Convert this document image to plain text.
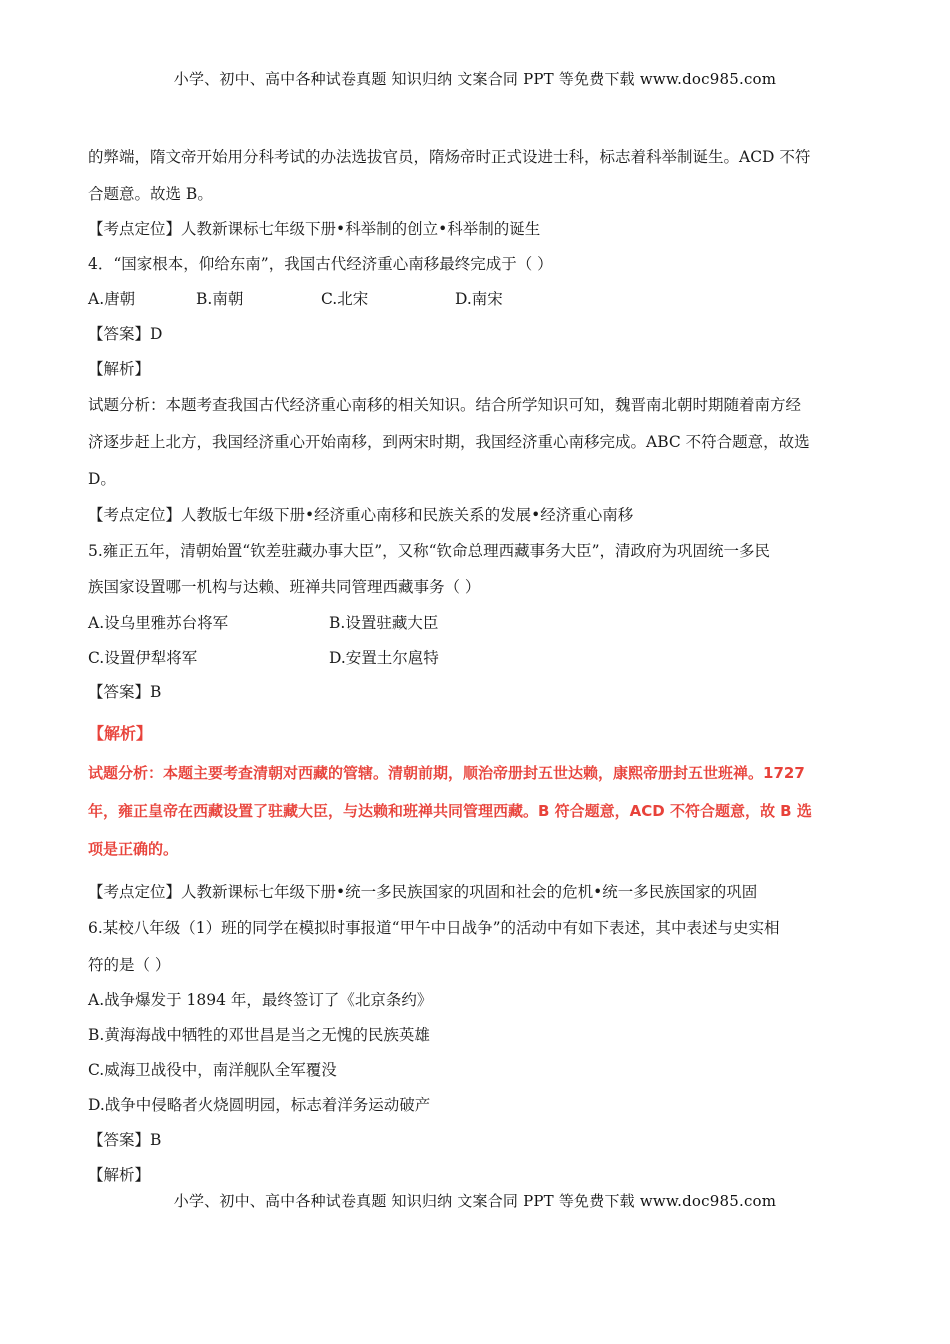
小学、初中、高中各种试卷真题 知识归纳 文案合同 PPT 等免费下载 www.doc985.com
的弊端，隋文帝开始用分科考试的办法选拔官员，隋炀帝时正式设进士科，标志着科举制诞生。ACD 不符
合题意。故选 B。
【考点定位】人教新课标七年级下册•科举制的创立•科举制的诞生
4．“国家根本，仰给东南”，我国古代经济重心南移最终完成于（ ）
A.唐朝	B.南朝	C.北宋	D.南宋
【答案】D
【解析】
试题分析：本题考查我国古代经济重心南移的相关知识。结合所学知识可知，魏晋南北朝时期随着南方经
济逐步赶上北方，我国经济重心开始南移，到两宋时期，我国经济重心南移完成。ABC 不符合题意，故选
D。
【考点定位】人教版七年级下册•经济重心南移和民族关系的发展•经济重心南移
5.雍正五年，清朝始置“钦差驻藏办事大臣”，又称“钦命总理西藏事务大臣”，清政府为巩固统一多民
族国家设置哪一机构与达赖、班禅共同管理西藏事务（ ）
A.设乌里雅苏台将军	B.设置驻藏大臣
C.设置伊犁将军	D.安置土尔扈特
【答案】B
【解析】
试题分析：本题主要考查清朝对西藏的管辖。清朝前期，顺治帝册封五世达赖，康熙帝册封五世班禅。1727
年，雍正皇帝在西藏设置了驻藏大臣，与达赖和班禅共同管理西藏。B 符合题意，ACD 不符合题意，故 B 选
项是正确的。
【考点定位】人教新课标七年级下册•统一多民族国家的巩固和社会的危机•统一多民族国家的巩固
6.某校八年级（1）班的同学在模拟时事报道“甲午中日战争”的活动中有如下表述，其中表述与史实相
符的是（ ）
A.战争爆发于 1894 年，最终签订了《北京条约》
B.黄海海战中牺牲的邓世昌是当之无愧的民族英雄
C.威海卫战役中，南洋舰队全军覆没
D.战争中侵略者火烧圆明园，标志着洋务运动破产
【答案】B
【解析】
小学、初中、高中各种试卷真题 知识归纳 文案合同 PPT 等免费下载 www.doc985.com
